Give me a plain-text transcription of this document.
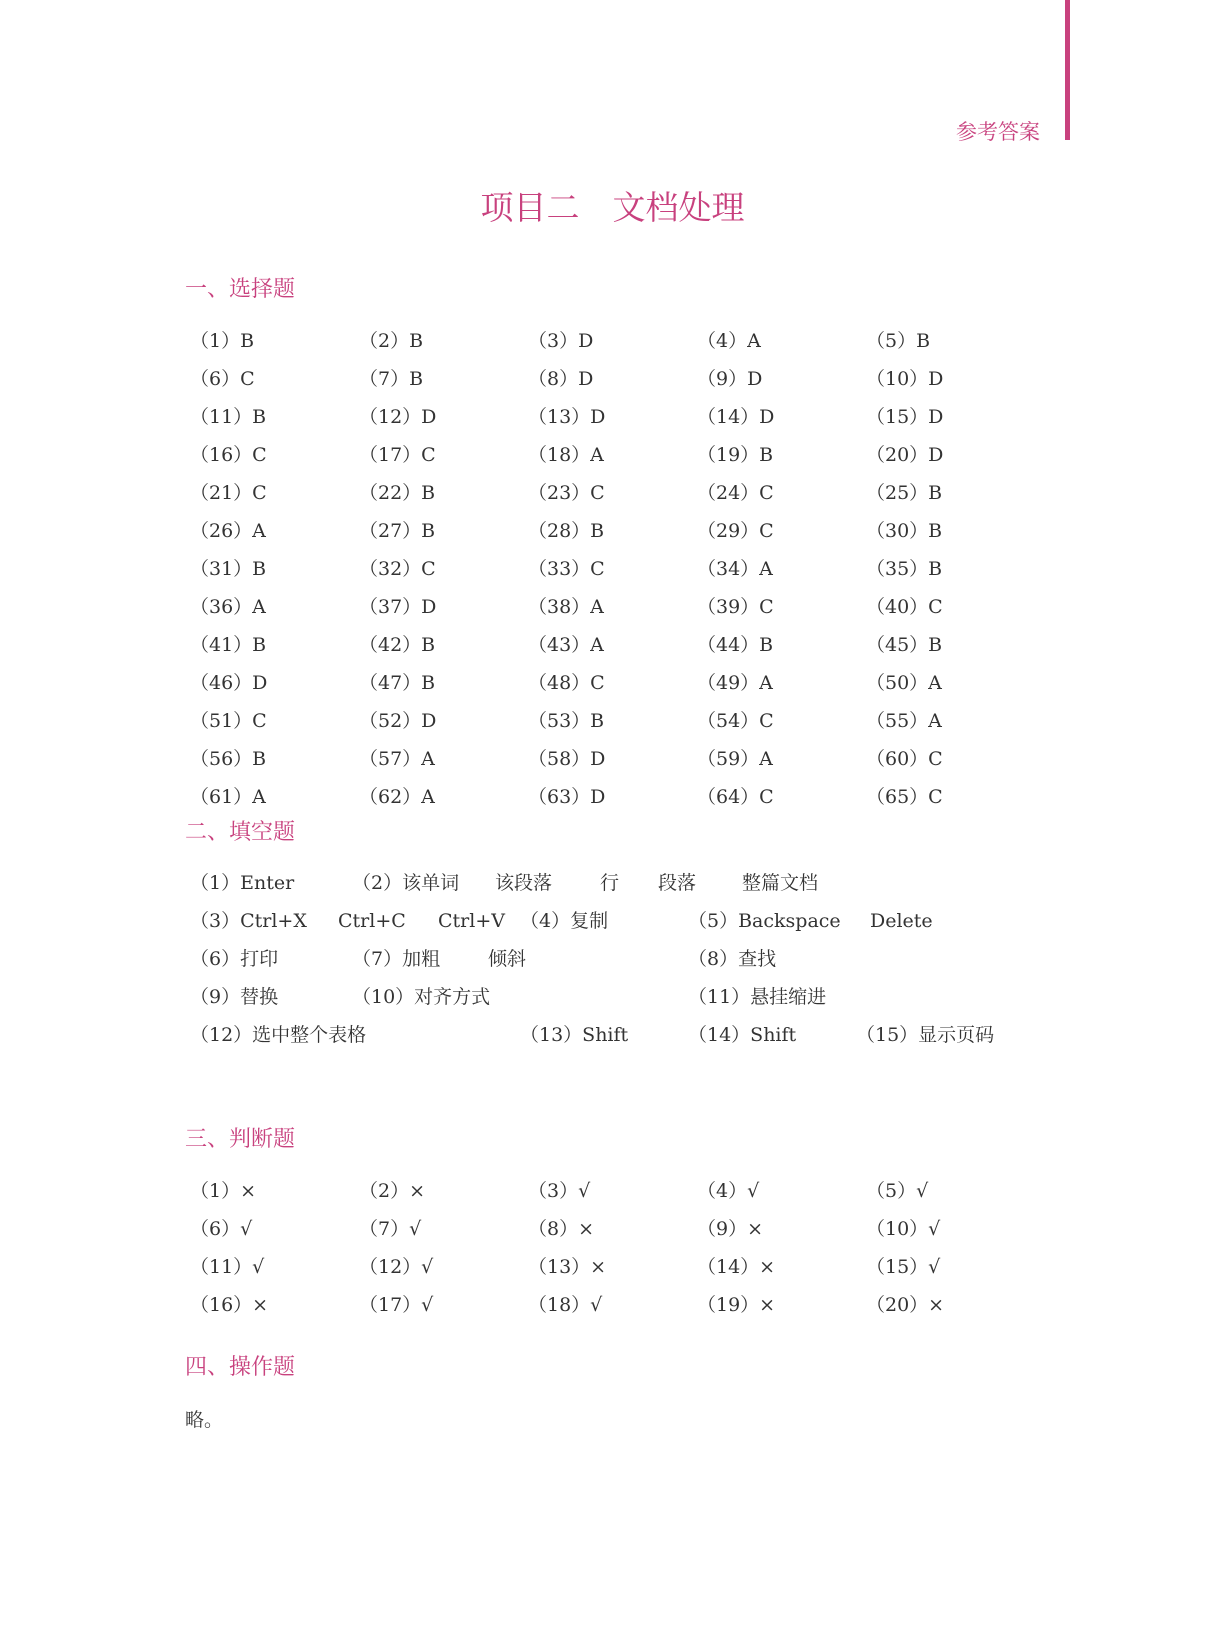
参考答案
项目二　文档处理
一、选择题
（1）B	（2）B	（3）D	（4）A	（5）B
（6）C	（7）B	（8）D	（9）D	（10）D
（11）B	（12）D	（13）D	（14）D	（15）D
（16）C	（17）C	（18）A	（19）B	（20）D
（21）C	（22）B	（23）C	（24）C	（25）B
（26）A	（27）B	（28）B	（29）C	（30）B
（31）B	（32）C	（33）C	（34）A	（35）B
（36）A	（37）D	（38）A	（39）C	（40）C
（41）B	（42）B	（43）A	（44）B	（45）B
（46）D	（47）B	（48）C	（49）A	（50）A
（51）C	（52）D	（53）B	（54）C	（55）A
（56）B	（57）A	（58）D	（59）A	（60）C
（61）A	（62）A	（63）D	（64）C	（65）C
二、填空题
（1）Enter	（2）该单词 该段落	行 段落 整篇文档
（3）Ctrl+X Ctrl+C Ctrl+V （4）复制	（5）Backspace Delete
（6）打印	（7）加粗	倾斜	（8）查找
（9）替换	（10）对齐方式	（11）悬挂缩进
（12）选中整个表格	（13）Shift	（14）Shift	（15）显示页码
三、判断题
（1）×	（2）×	（3）√	（4）√	（5）√
（6）√	（7）√	（8）×	（9）×	（10）√
（11）√	（12）√	（13）×	（14）×	（15）√
（16）×	（17）√	（18）√	（19）×	（20）×
四、操作题
略。
